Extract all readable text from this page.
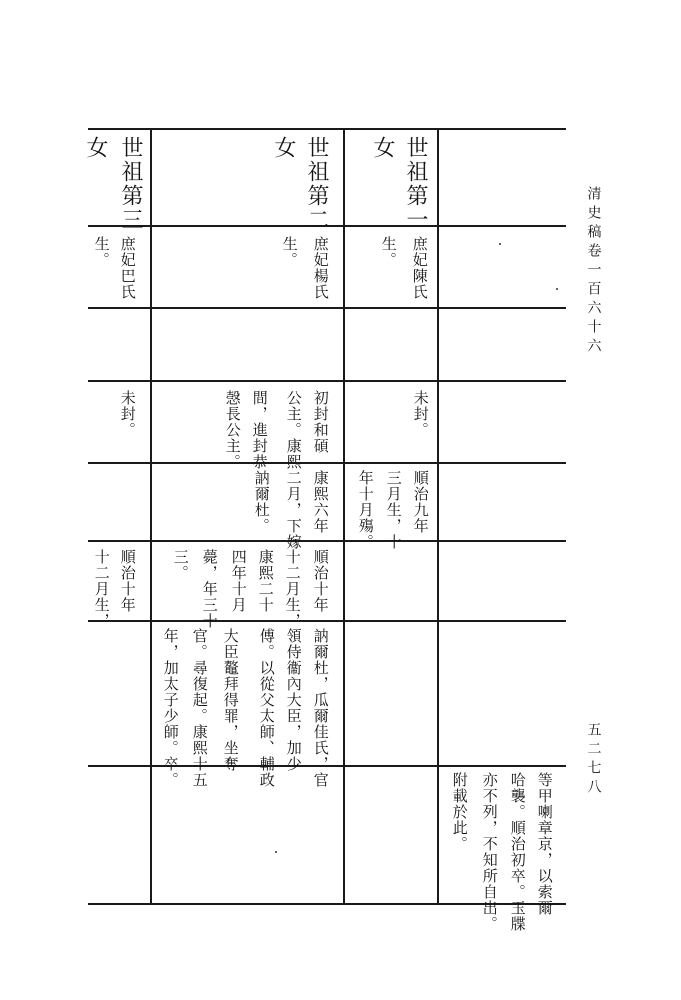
清史稿卷一百六十六
五二七八
世祖第一
女
庶妃陳氏
生。
未封。
順治九年
三月生，十
年十月殤。
世祖第二
女
庶妃楊氏
生。
初封和碩
公主。康熙
間，進封恭
愨長公主。
康熙六年
二月，下嫁
訥爾杜。
順治十年
十二月生，
康熙二十
四年十月
薨，年三十
三。
訥爾杜，瓜爾佳氏，官
領侍衞內大臣，加少
傅。以從父太師、輔政
大臣鼇拜得罪，坐奪
官。尋復起。康熙十五
年，加太子少師。卒。
世祖第三
女
庶妃巴氏
生。
未封。
順治十年
十二月生，
等甲喇章京，以索爾
哈襲。順治初卒。玉牒
亦不列，不知所自出。
附載於此。
